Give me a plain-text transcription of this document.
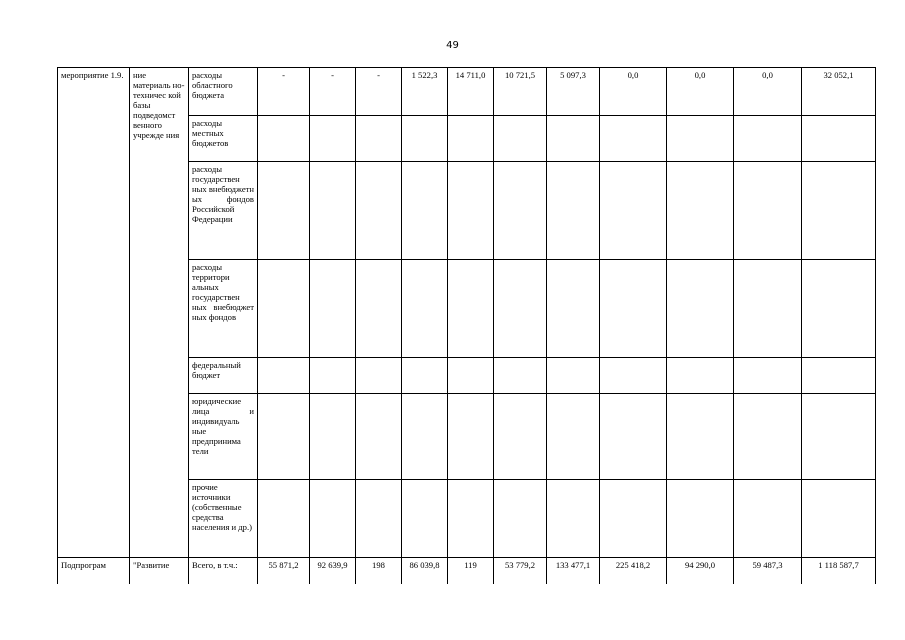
49
мероприятие 1.9.	ние материаль но-техничес кой базы подведомст венного учрежде ния	расходы областного бюджета	-	-	-	1 522,3	14 711,0	10 721,5	5 097,3	0,0	0,0	0,0	32 052,1
		расходы местных бюджетов											
		расходы государствен ных внебюджетн ых фондов Российской Федерации											
		расходы территори альных государствен ных внебюджет ных фондов											
		федеральный бюджет											
		юридические лица и индивидуаль ные предпринима тели											
		прочие источники (собственные средства населения и др.)											
Подпрограм	"Развитие	Всего, в т.ч.:	55 871,2	92 639,9	198	86 039,8	119	53 779,2	133 477,1	225 418,2	94 290,0	59 487,3	1 118 587,7
